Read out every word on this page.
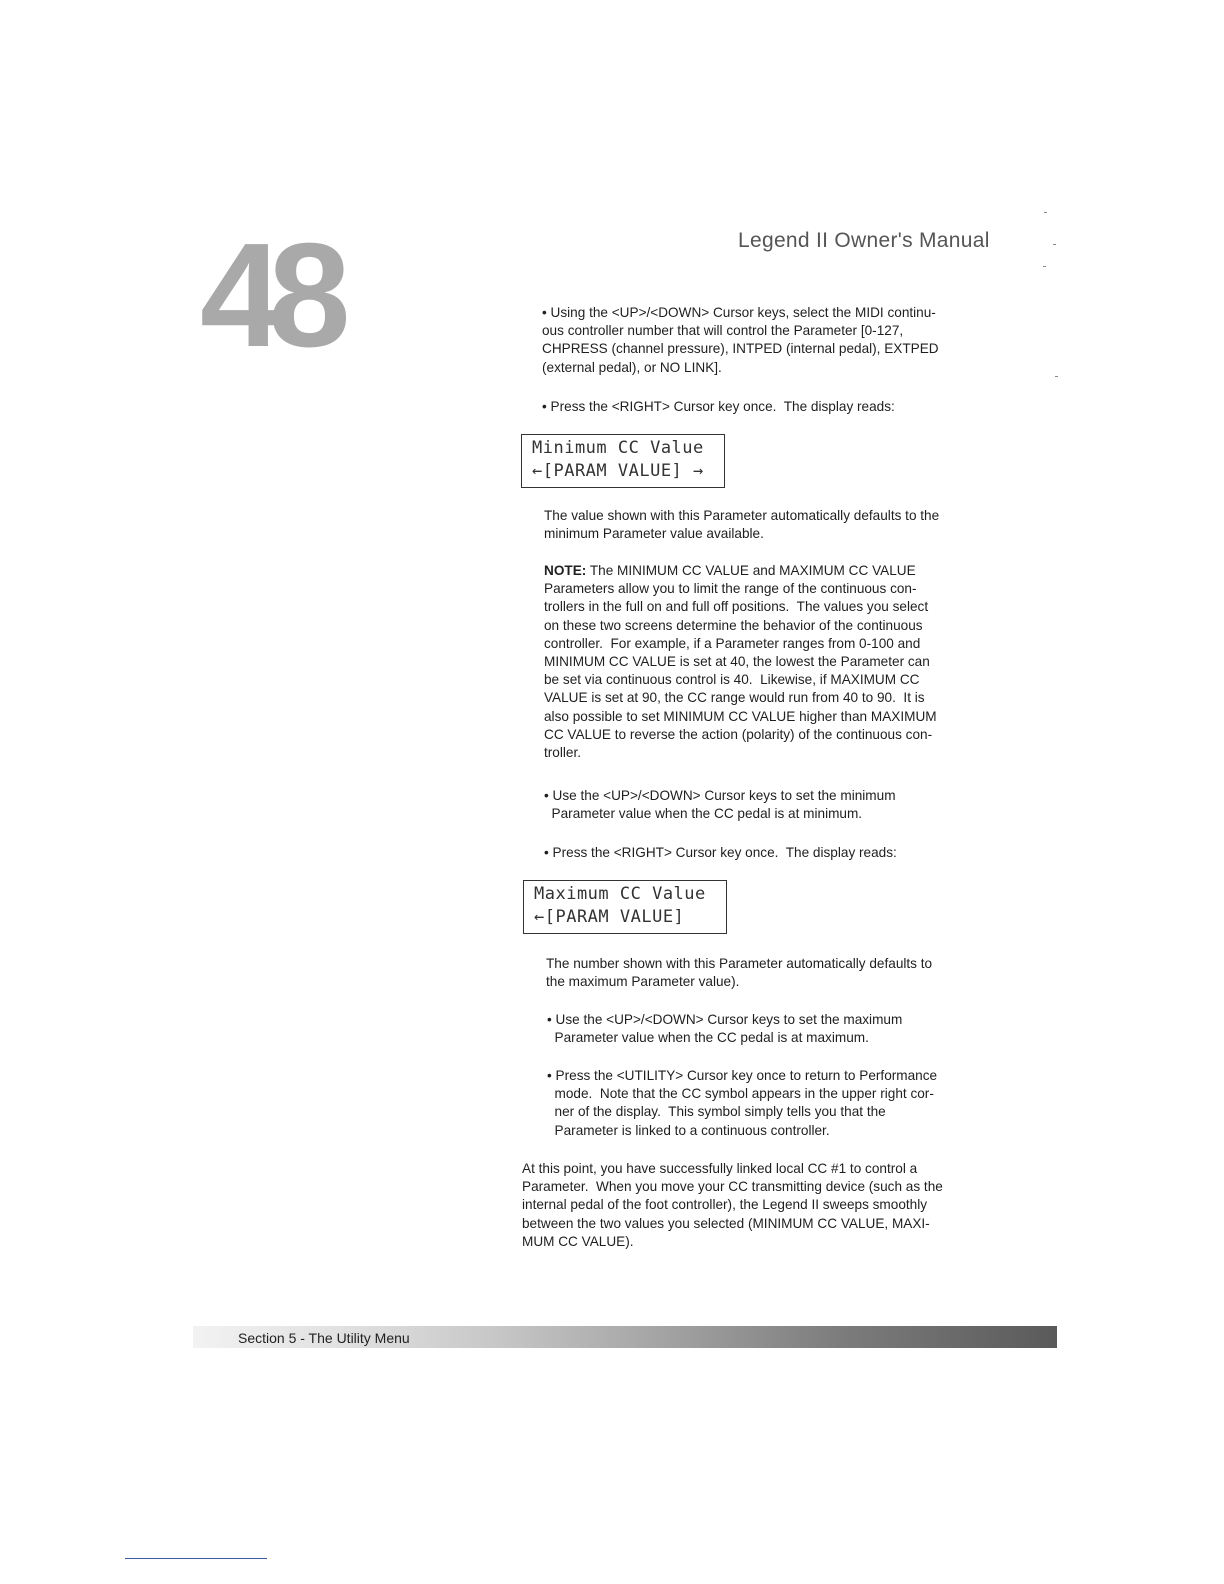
48	Legend II Owner's Manual
• Using the <UP>/<DOWN> Cursor keys, select the MIDI continu-
ous controller number that will control the Parameter [0-127,
CHPRESS (channel pressure), INTPED (internal pedal), EXTPED
(external pedal), or NO LINK].
• Press the <RIGHT> Cursor key once.  The display reads:
Minimum CC Value
←[PARAM VALUE] →
The value shown with this Parameter automatically defaults to the
minimum Parameter value available.
NOTE: The MINIMUM CC VALUE and MAXIMUM CC VALUE
Parameters allow you to limit the range of the continuous con-
trollers in the full on and full off positions.  The values you select
on these two screens determine the behavior of the continuous
controller.  For example, if a Parameter ranges from 0-100 and
MINIMUM CC VALUE is set at 40, the lowest the Parameter can
be set via continuous control is 40.  Likewise, if MAXIMUM CC
VALUE is set at 90, the CC range would run from 40 to 90.  It is
also possible to set MINIMUM CC VALUE higher than MAXIMUM
CC VALUE to reverse the action (polarity) of the continuous con-
troller.
• Use the <UP>/<DOWN> Cursor keys to set the minimum
Parameter value when the CC pedal is at minimum.
• Press the <RIGHT> Cursor key once.  The display reads:
Maximum CC Value
←[PARAM VALUE]
The number shown with this Parameter automatically defaults to
the maximum Parameter value).
• Use the <UP>/<DOWN> Cursor keys to set the maximum
Parameter value when the CC pedal is at maximum.
• Press the <UTILITY> Cursor key once to return to Performance
mode.  Note that the CC symbol appears in the upper right cor-
ner of the display.  This symbol simply tells you that the
Parameter is linked to a continuous controller.
At this point, you have successfully linked local CC #1 to control a
Parameter.  When you move your CC transmitting device (such as the
internal pedal of the foot controller), the Legend II sweeps smoothly
between the two values you selected (MINIMUM CC VALUE, MAXI-
MUM CC VALUE).
Section 5 - The Utility Menu
